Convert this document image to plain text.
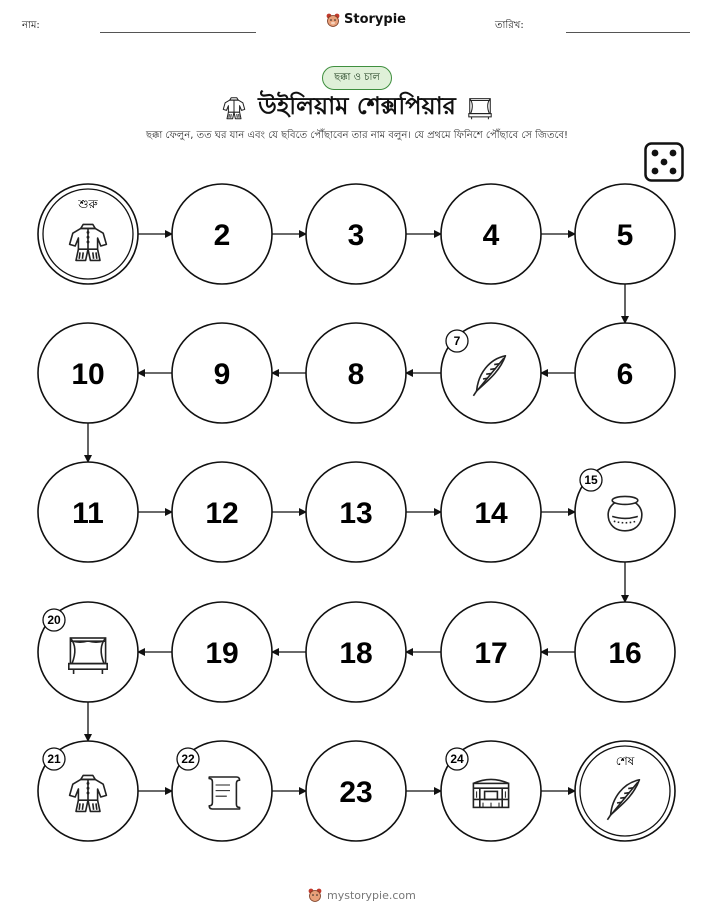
নাম:	Storypie	তারিখ:
ছক্কা ও চাল
উইলিয়াম শেক্সপিয়ার
ছক্কা ফেলুন, তত ঘর যান এবং যে ছবিতে পৌঁছাবেন তার নাম বলুন। যে প্রথমে ফিনিশে পৌঁছাবে সে জিতবে!
শুরু
2	3	4	5
6
7
8
9
10
11	12	13	14
15
16
17
18
19
20
21	22
23
24	শেষ
mystorypie.com
